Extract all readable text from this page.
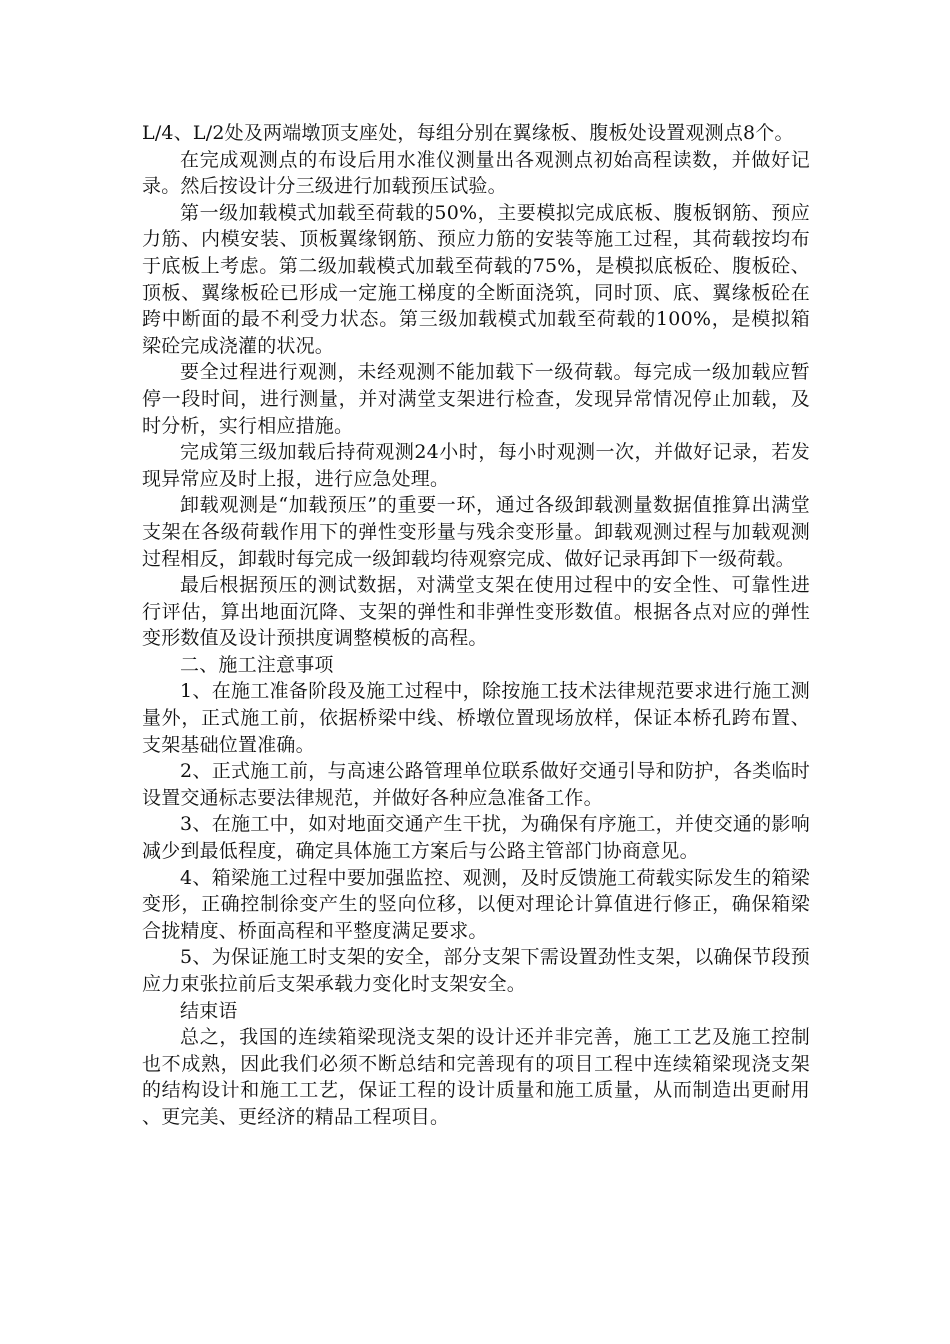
L/4、L/2处及两端墩顶支座处，每组分别在翼缘板、腹板处设置观测点8个。

在完成观测点的布设后用水准仪测量出各观测点初始高程读数，并做好记录。然后按设计分三级进行加载预压试验。

第一级加载模式加载至荷载的50%，主要模拟完成底板、腹板钢筋、预应力筋、内模安装、顶板翼缘钢筋、预应力筋的安装等施工过程，其荷载按均布于底板上考虑。第二级加载模式加载至荷载的75%，是模拟底板砼、腹板砼、顶板、翼缘板砼已形成一定施工梯度的全断面浇筑，同时顶、底、翼缘板砼在跨中断面的最不利受力状态。第三级加载模式加载至荷载的100%，是模拟箱梁砼完成浇灌的状况。

要全过程进行观测，未经观测不能加载下一级荷载。每完成一级加载应暂停一段时间，进行测量，并对满堂支架进行检查，发现异常情况停止加载，及时分析，实行相应措施。

完成第三级加载后持荷观测24小时，每小时观测一次，并做好记录，若发现异常应及时上报，进行应急处理。

卸载观测是“加载预压”的重要一环，通过各级卸载测量数据值推算出满堂支架在各级荷载作用下的弹性变形量与残余变形量。卸载观测过程与加载观测过程相反，卸载时每完成一级卸载均待观察完成、做好记录再卸下一级荷载。

最后根据预压的测试数据，对满堂支架在使用过程中的安全性、可靠性进行评估，算出地面沉降、支架的弹性和非弹性变形数值。根据各点对应的弹性变形数值及设计预拱度调整模板的高程。

二、施工注意事项

1、在施工准备阶段及施工过程中，除按施工技术法律规范要求进行施工测量外，正式施工前，依据桥梁中线、桥墩位置现场放样，保证本桥孔跨布置、支架基础位置准确。

2、正式施工前，与高速公路管理单位联系做好交通引导和防护，各类临时设置交通标志要法律规范，并做好各种应急准备工作。

3、在施工中，如对地面交通产生干扰，为确保有序施工，并使交通的影响减少到最低程度，确定具体施工方案后与公路主管部门协商意见。

4、箱梁施工过程中要加强监控、观测，及时反馈施工荷载实际发生的箱梁变形，正确控制徐变产生的竖向位移，以便对理论计算值进行修正，确保箱梁合拢精度、桥面高程和平整度满足要求。

5、为保证施工时支架的安全，部分支架下需设置劲性支架，以确保节段预应力束张拉前后支架承载力变化时支架安全。

结束语

总之，我国的连续箱梁现浇支架的设计还并非完善，施工工艺及施工控制也不成熟，因此我们必须不断总结和完善现有的项目工程中连续箱梁现浇支架的结构设计和施工工艺，保证工程的设计质量和施工质量，从而制造出更耐用、更完美、更经济的精品工程项目。
